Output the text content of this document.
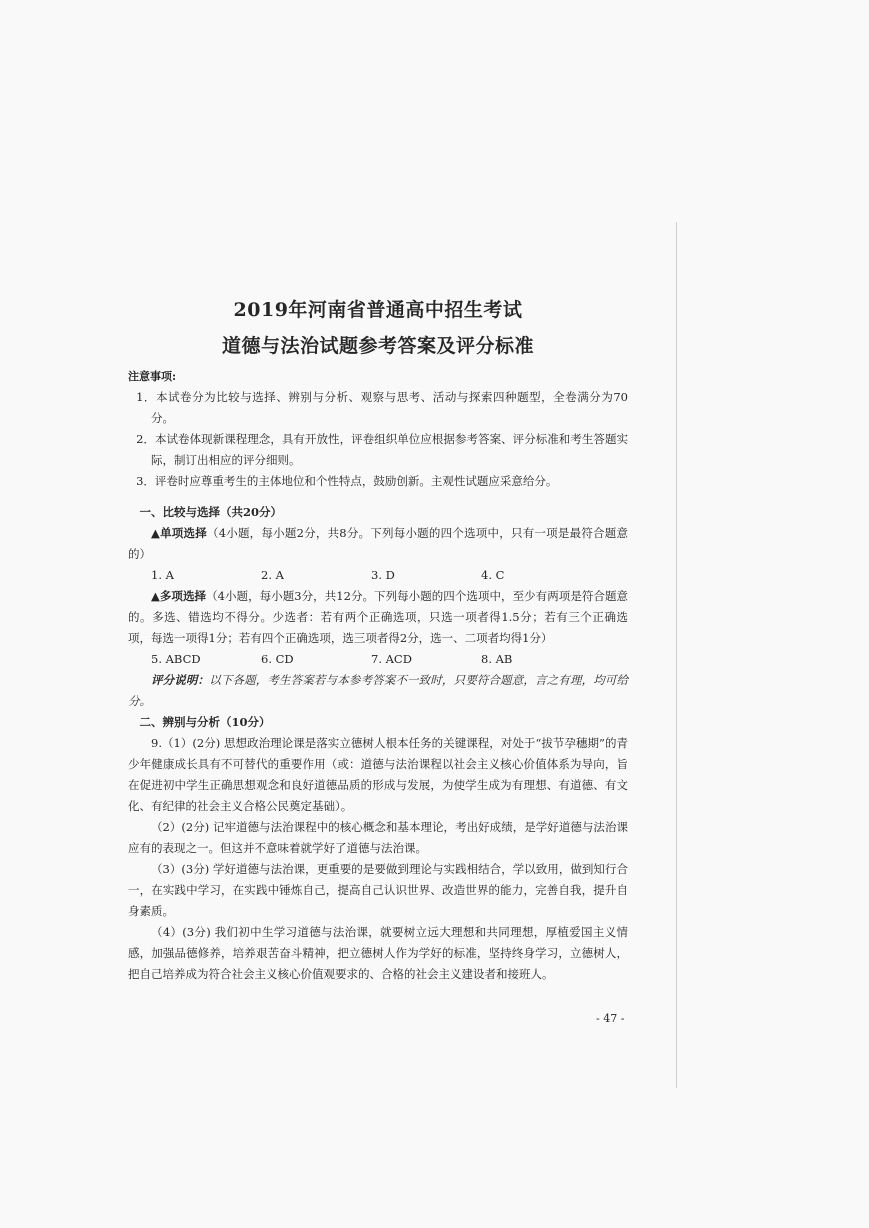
2019年河南省普通高中招生考试
道德与法治试题参考答案及评分标准

注意事项:

1．本试卷分为比较与选择、辨别与分析、观察与思考、活动与探索四种题型，全卷满分为70分。

2．本试卷体现新课程理念，具有开放性，评卷组织单位应根据参考答案、评分标准和考生答题实际，制订出相应的评分细则。

3．评卷时应尊重考生的主体地位和个性特点，鼓励创新。主观性试题应采意给分。

一、比较与选择（共20分）

▲单项选择（4小题，每小题2分，共8分。下列每小题的四个选项中，只有一项是最符合题意的）

1. A	2. A	3. D	4. C

▲多项选择（4小题，每小题3分，共12分。下列每小题的四个选项中，至少有两项是符合题意的。多选、错选均不得分。少选者：若有两个正确选项，只选一项者得1.5分；若有三个正确选项，每选一项得1分；若有四个正确选项，选三项者得2分，选一、二项者均得1分）

5. ABCD	6. CD	7. ACD	8. AB

评分说明：以下各题，考生答案若与本参考答案不一致时，只要符合题意，言之有理，均可给分。

二、辨别与分析（10分）

9.（1）(2分) 思想政治理论课是落实立德树人根本任务的关键课程，对处于“拔节孕穗期”的青少年健康成长具有不可替代的重要作用（或：道德与法治课程以社会主义核心价值体系为导向，旨在促进初中学生正确思想观念和良好道德品质的形成与发展，为使学生成为有理想、有道德、有文化、有纪律的社会主义合格公民奠定基础）。

（2）(2分) 记牢道德与法治课程中的核心概念和基本理论，考出好成绩，是学好道德与法治课应有的表现之一。但这并不意味着就学好了道德与法治课。

（3）(3分) 学好道德与法治课，更重要的是要做到理论与实践相结合，学以致用，做到知行合一，在实践中学习，在实践中锤炼自己，提高自己认识世界、改造世界的能力，完善自我，提升自身素质。

（4）(3分) 我们初中生学习道德与法治课，就要树立远大理想和共同理想，厚植爱国主义情感，加强品德修养，培养艰苦奋斗精神，把立德树人作为学好的标准，坚持终身学习，立德树人，把自己培养成为符合社会主义核心价值观要求的、合格的社会主义建设者和接班人。

- 47 -
